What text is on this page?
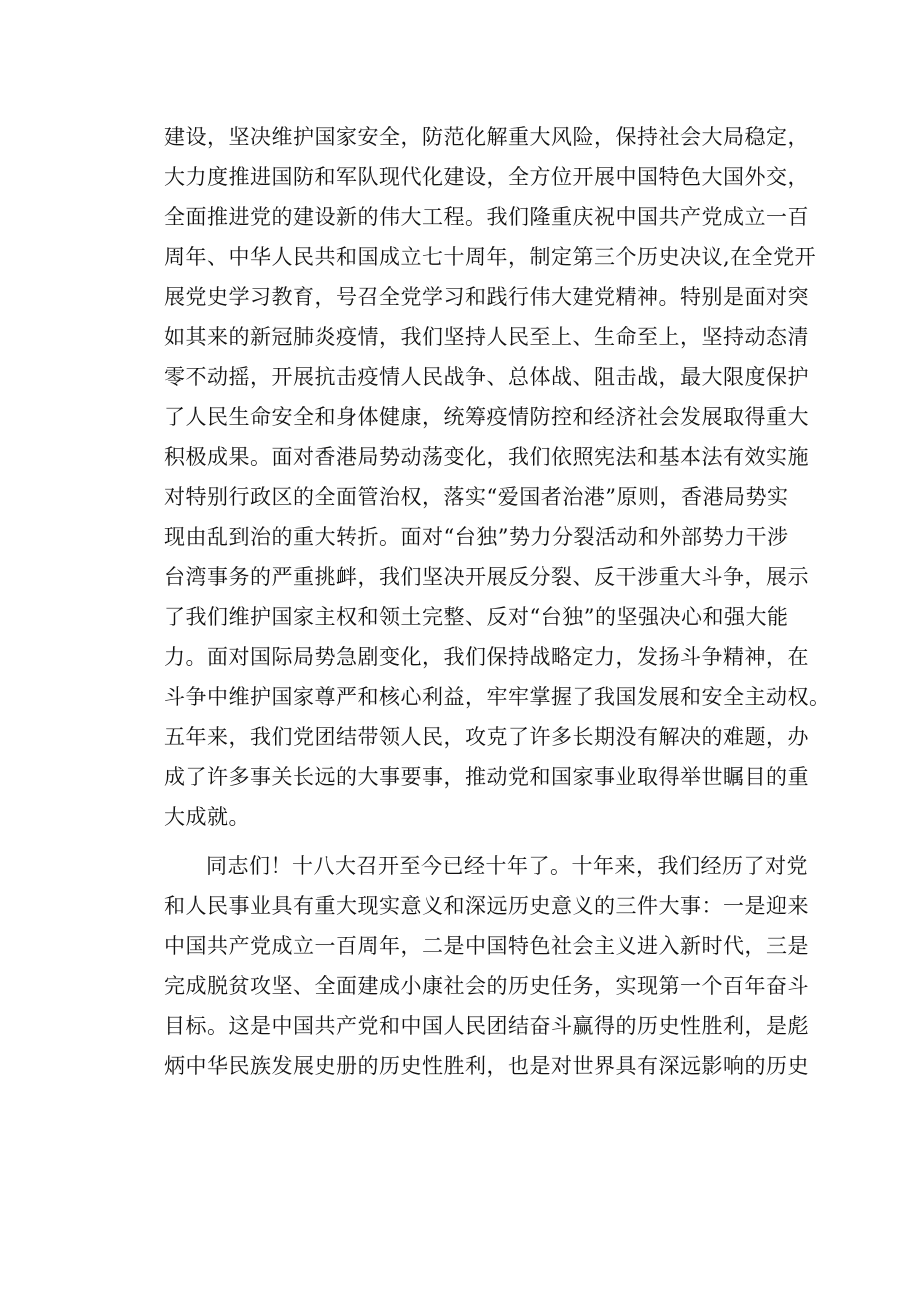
建设，坚决维护国家安全，防范化解重大风险，保持社会大局稳定，
大力度推进国防和军队现代化建设，全方位开展中国特色大国外交，
全面推进党的建设新的伟大工程。我们隆重庆祝中国共产党成立一百
周年、中华人民共和国成立七十周年，制定第三个历史决议,在全党开
展党史学习教育，号召全党学习和践行伟大建党精神。特别是面对突
如其来的新冠肺炎疫情，我们坚持人民至上、生命至上，坚持动态清
零不动摇，开展抗击疫情人民战争、总体战、阻击战，最大限度保护
了人民生命安全和身体健康，统筹疫情防控和经济社会发展取得重大
积极成果。面对香港局势动荡变化，我们依照宪法和基本法有效实施
对特别行政区的全面管治权，落实“爱国者治港”原则，香港局势实
现由乱到治的重大转折。面对“台独”势力分裂活动和外部势力干涉
台湾事务的严重挑衅，我们坚决开展反分裂、反干涉重大斗争，展示
了我们维护国家主权和领土完整、反对“台独”的坚强决心和强大能
力。面对国际局势急剧变化，我们保持战略定力，发扬斗争精神，在
斗争中维护国家尊严和核心利益，牢牢掌握了我国发展和安全主动权。
五年来，我们党团结带领人民，攻克了许多长期没有解决的难题，办
成了许多事关长远的大事要事，推动党和国家事业取得举世瞩目的重
大成就。
同志们！十八大召开至今已经十年了。十年来，我们经历了对党
和人民事业具有重大现实意义和深远历史意义的三件大事：一是迎来
中国共产党成立一百周年，二是中国特色社会主义进入新时代，三是
完成脱贫攻坚、全面建成小康社会的历史任务，实现第一个百年奋斗
目标。这是中国共产党和中国人民团结奋斗赢得的历史性胜利，是彪
炳中华民族发展史册的历史性胜利，也是对世界具有深远影响的历史
